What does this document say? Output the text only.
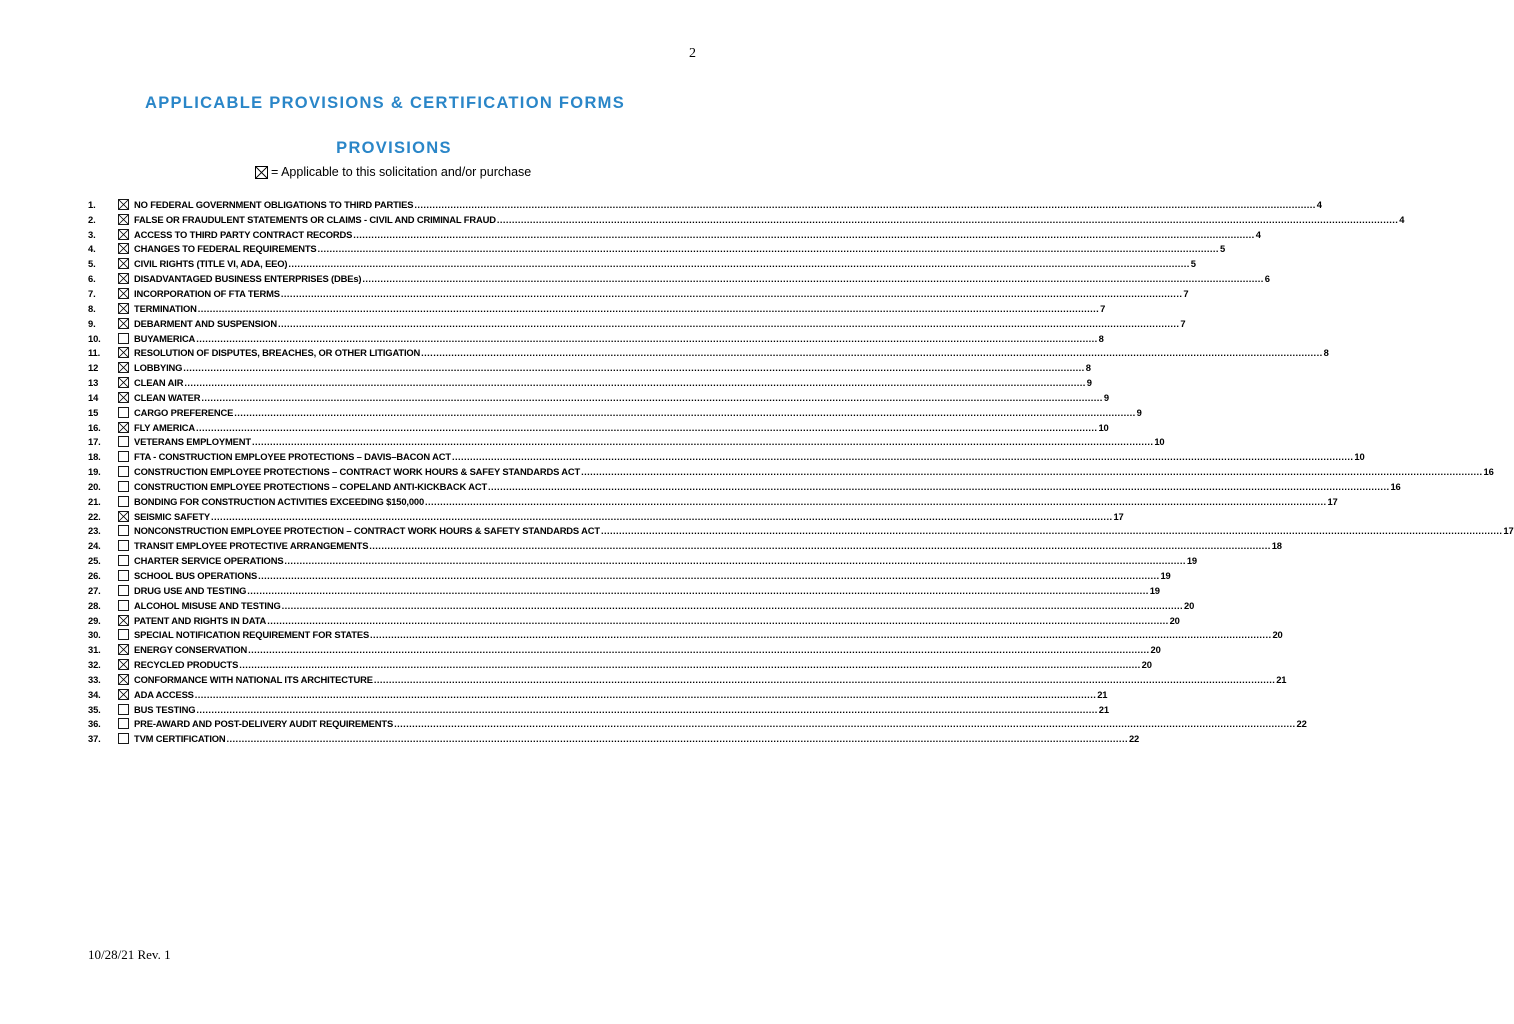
2
APPLICABLE PROVISIONS & CERTIFICATION FORMS
PROVISIONS
= Applicable to this solicitation and/or purchase
1.	NO FEDERAL GOVERNMENT OBLIGATIONS TO THIRD PARTIES ............................................................................................................................................................................................................................................................................................................ 4
2.	FALSE OR FRAUDULENT STATEMENTS OR CLAIMS - CIVIL AND CRIMINAL FRAUD ............................................................................................................................................................................................................................................................................................................ 4
3.	ACCESS TO THIRD PARTY CONTRACT RECORDS ............................................................................................................................................................................................................................................................................................................ 4
4.	CHANGES TO FEDERAL REQUIREMENTS ............................................................................................................................................................................................................................................................................................................ 5
5.	CIVIL RIGHTS (TITLE VI, ADA, EEO) ............................................................................................................................................................................................................................................................................................................ 5
6.	DISADVANTAGED BUSINESS ENTERPRISES (DBEs) ............................................................................................................................................................................................................................................................................................................ 6
7.	INCORPORATION OF FTA TERMS ............................................................................................................................................................................................................................................................................................................ 7
8.	TERMINATION ............................................................................................................................................................................................................................................................................................................ 7
9.	DEBARMENT AND SUSPENSION ............................................................................................................................................................................................................................................................................................................ 7
10.	BUYAMERICA ............................................................................................................................................................................................................................................................................................................ 8
11.	RESOLUTION OF DISPUTES, BREACHES, OR OTHER LITIGATION ............................................................................................................................................................................................................................................................................................................ 8
12	LOBBYING ............................................................................................................................................................................................................................................................................................................ 8
13	CLEAN AIR ............................................................................................................................................................................................................................................................................................................ 9
14	CLEAN WATER ............................................................................................................................................................................................................................................................................................................ 9
15	CARGO PREFERENCE ............................................................................................................................................................................................................................................................................................................ 9
16.	FLY AMERICA ............................................................................................................................................................................................................................................................................................................ 10
17.	VETERANS EMPLOYMENT ............................................................................................................................................................................................................................................................................................................ 10
18.	FTA - CONSTRUCTION EMPLOYEE PROTECTIONS – DAVIS–BACON ACT ............................................................................................................................................................................................................................................................................................................ 10
19.	CONSTRUCTION EMPLOYEE PROTECTIONS – CONTRACT WORK HOURS & SAFEY STANDARDS ACT ............................................................................................................................................................................................................................................................................................................ 16
20.	CONSTRUCTION EMPLOYEE PROTECTIONS – COPELAND ANTI-KICKBACK ACT ............................................................................................................................................................................................................................................................................................................ 16
21.	BONDING FOR CONSTRUCTION ACTIVITIES EXCEEDING $150,000 ............................................................................................................................................................................................................................................................................................................ 17
22.	SEISMIC SAFETY ............................................................................................................................................................................................................................................................................................................ 17
23.	NONCONSTRUCTION EMPLOYEE PROTECTION – CONTRACT WORK HOURS & SAFETY STANDARDS ACT ............................................................................................................................................................................................................................................................................................................ 17
24.	TRANSIT EMPLOYEE PROTECTIVE ARRANGEMENTS ............................................................................................................................................................................................................................................................................................................ 18
25.	CHARTER SERVICE OPERATIONS ............................................................................................................................................................................................................................................................................................................ 19
26.	SCHOOL BUS OPERATIONS ............................................................................................................................................................................................................................................................................................................ 19
27.	DRUG USE AND TESTING ............................................................................................................................................................................................................................................................................................................ 19
28.	ALCOHOL MISUSE AND TESTING ............................................................................................................................................................................................................................................................................................................ 20
29.	PATENT AND RIGHTS IN DATA ............................................................................................................................................................................................................................................................................................................ 20
30.	SPECIAL NOTIFICATION REQUIREMENT FOR STATES ............................................................................................................................................................................................................................................................................................................ 20
31.	ENERGY CONSERVATION ............................................................................................................................................................................................................................................................................................................ 20
32.	RECYCLED PRODUCTS ............................................................................................................................................................................................................................................................................................................ 20
33.	CONFORMANCE WITH NATIONAL ITS ARCHITECTURE ............................................................................................................................................................................................................................................................................................................ 21
34.	ADA ACCESS ............................................................................................................................................................................................................................................................................................................ 21
35.	BUS TESTING ............................................................................................................................................................................................................................................................................................................ 21
36.	PRE-AWARD AND POST-DELIVERY AUDIT REQUIREMENTS ............................................................................................................................................................................................................................................................................................................ 22
37.	TVM CERTIFICATION ............................................................................................................................................................................................................................................................................................................ 22
10/28/21 Rev. 1
